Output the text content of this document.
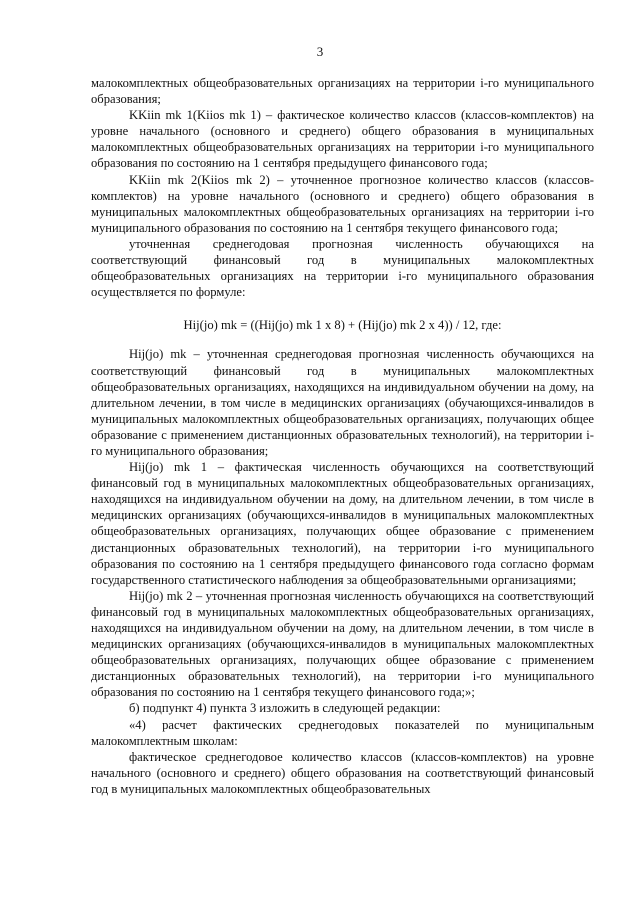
3

малокомплектных общеобразовательных организациях на территории i-го муниципального образования;

KKiin mk 1(Kiios mk 1) – фактическое количество классов (классов-комплектов) на уровне начального (основного и среднего) общего образования в муниципальных малокомплектных общеобразовательных организациях на территории i-го муниципального образования по состоянию на 1 сентября предыдущего финансового года;

KKiin mk 2(Kiios mk 2) – уточненное прогнозное количество классов (классов-комплектов) на уровне начального (основного и среднего) общего образования в муниципальных малокомплектных общеобразовательных организациях на территории i-го муниципального образования по состоянию на 1 сентября текущего финансового года;

уточненная среднегодовая прогнозная численность обучающихся на соответствующий финансовый год в муниципальных малокомплектных общеобразовательных организациях на территории i-го муниципального образования осуществляется по формуле:

Hij(jo) mk = ((Hij(jo) mk 1 x 8) + (Hij(jo) mk 2 x 4)) / 12, где:

Hij(jo) mk – уточненная среднегодовая прогнозная численность обучающихся на соответствующий финансовый год в муниципальных малокомплектных общеобразовательных организациях, находящихся на индивидуальном обучении на дому, на длительном лечении, в том числе в медицинских организациях (обучающихся-инвалидов в муниципальных малокомплектных общеобразовательных организациях, получающих общее образование с применением дистанционных образовательных технологий), на территории i-го муниципального образования;

Hij(jo) mk 1 – фактическая численность обучающихся на соответствующий финансовый год в муниципальных малокомплектных общеобразовательных организациях, находящихся на индивидуальном обучении на дому, на длительном лечении, в том числе в медицинских организациях (обучающихся-инвалидов в муниципальных малокомплектных общеобразовательных организациях, получающих общее образование с применением дистанционных образовательных технологий), на территории i-го муниципального образования по состоянию на 1 сентября предыдущего финансового года согласно формам государственного статистического наблюдения за общеобразовательными организациями;

Hij(jo) mk 2 – уточненная прогнозная численность обучающихся на соответствующий финансовый год в муниципальных малокомплектных общеобразовательных организациях, находящихся на индивидуальном обучении на дому, на длительном лечении, в том числе в медицинских организациях (обучающихся-инвалидов в муниципальных малокомплектных общеобразовательных организациях, получающих общее образование с применением дистанционных образовательных технологий), на территории i-го муниципального образования по состоянию на 1 сентября текущего финансового года;»;

б) подпункт 4) пункта 3 изложить в следующей редакции:

«4) расчет фактических среднегодовых показателей по муниципальным малокомплектным школам:

фактическое среднегодовое количество классов (классов-комплектов) на уровне начального (основного и среднего) общего образования на соответствующий финансовый год в муниципальных малокомплектных общеобразовательных
